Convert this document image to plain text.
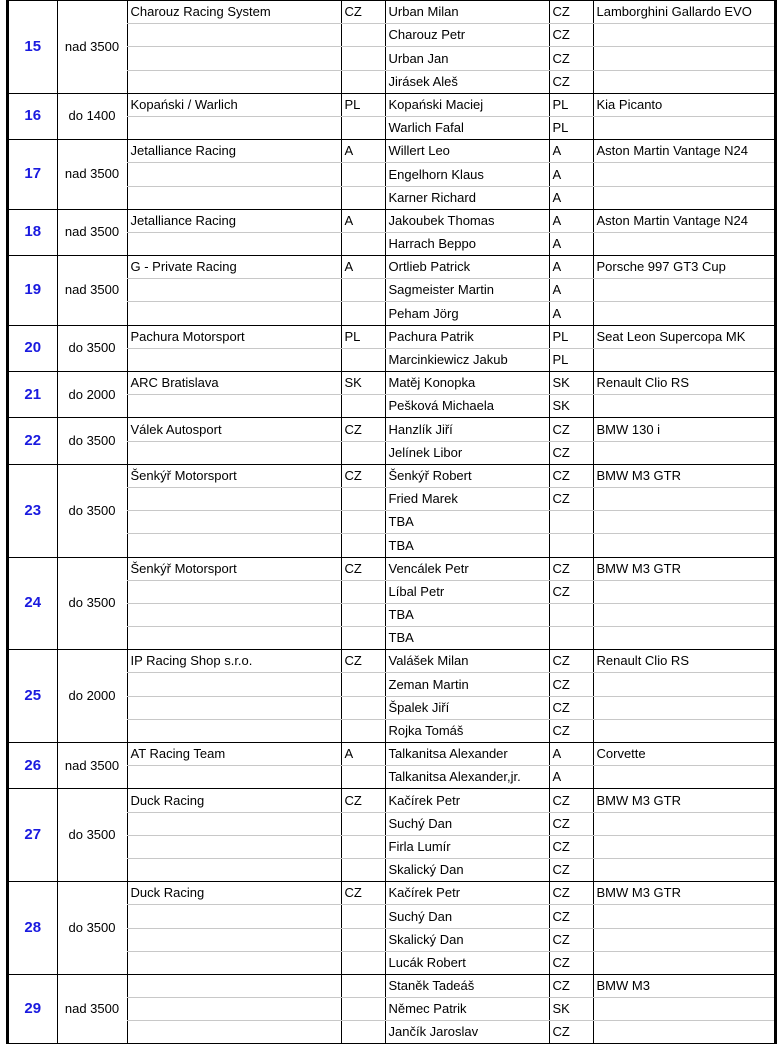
15	nad 3500	Charouz Racing System	CZ	Urban Milan	CZ	Lamborghini Gallardo EVO
				Charouz Petr	CZ	
				Urban Jan	CZ	
				Jirásek Aleš	CZ	
16	do 1400	Kopański / Warlich	PL	Kopański Maciej	PL	Kia Picanto
				Warlich Fafal	PL	
17	nad 3500	Jetalliance Racing	A	Willert Leo	A	Aston Martin Vantage N24
				Engelhorn Klaus	A	
				Karner Richard	A	
18	nad 3500	Jetalliance Racing	A	Jakoubek Thomas	A	Aston Martin Vantage N24
				Harrach Beppo	A	
19	nad 3500	G - Private Racing	A	Ortlieb Patrick	A	Porsche 997 GT3 Cup
				Sagmeister Martin	A	
				Peham Jörg	A	
20	do 3500	Pachura Motorsport	PL	Pachura Patrik	PL	Seat Leon Supercopa MK
				Marcinkiewicz Jakub	PL	
21	do 2000	ARC Bratislava	SK	Matěj Konopka	SK	Renault Clio RS
				Pešková Michaela	SK	
22	do 3500	Válek Autosport	CZ	Hanzlík Jiří	CZ	BMW 130 i
				Jelínek Libor	CZ	
23	do 3500	Šenkýř Motorsport	CZ	Šenkýř Robert	CZ	BMW M3 GTR
				Fried Marek	CZ	
				TBA		
				TBA		
24	do 3500	Šenkýř Motorsport	CZ	Vencálek Petr	CZ	BMW M3 GTR
				Líbal Petr	CZ	
				TBA		
				TBA		
25	do 2000	IP Racing Shop s.r.o.	CZ	Valášek Milan	CZ	Renault Clio RS
				Zeman Martin	CZ	
				Špalek Jiří	CZ	
				Rojka Tomáš	CZ	
26	nad 3500	AT Racing Team	A	Talkanitsa Alexander	A	Corvette
				Talkanitsa Alexander,jr.	A	
27	do 3500	Duck Racing	CZ	Kačírek Petr	CZ	BMW M3 GTR
				Suchý Dan	CZ	
				Firla Lumír	CZ	
				Skalický Dan	CZ	
28	do 3500	Duck Racing	CZ	Kačírek Petr	CZ	BMW M3 GTR
				Suchý Dan	CZ	
				Skalický Dan	CZ	
				Lucák Robert	CZ	
29	nad 3500			Staněk Tadeáš	CZ	BMW M3
				Němec Patrik	SK	
				Jančík Jaroslav	CZ	
